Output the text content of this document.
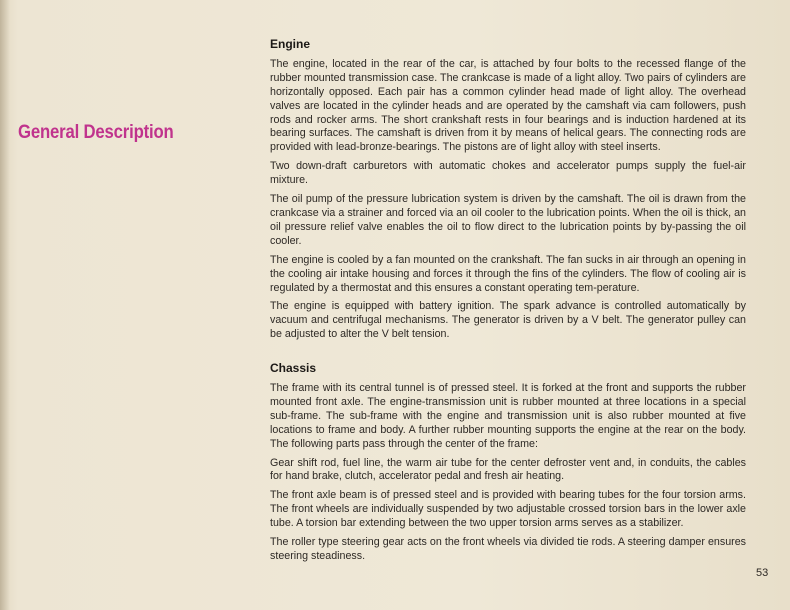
General Description
Engine

The engine, located in the rear of the car, is attached by four bolts to the recessed flange of the rubber mounted transmission case. The crankcase is made of a light alloy. Two pairs of cylinders are horizontally opposed. Each pair has a common cylinder head made of light alloy. The overhead valves are located in the cylinder heads and are operated by the camshaft via cam followers, push rods and rocker arms. The short crankshaft rests in four bearings and is induction hardened at its bearing surfaces. The camshaft is driven from it by means of helical gears. The connecting rods are provided with lead-bronze-bearings. The pistons are of light alloy with steel inserts.

Two down-draft carburetors with automatic chokes and accelerator pumps supply the fuel-air mixture.

The oil pump of the pressure lubrication system is driven by the camshaft. The oil is drawn from the crankcase via a strainer and forced via an oil cooler to the lubrication points. When the oil is thick, an oil pressure relief valve enables the oil to flow direct to the lubrication points by by-passing the oil cooler.

The engine is cooled by a fan mounted on the crankshaft. The fan sucks in air through an opening in the cooling air intake housing and forces it through the fins of the cylinders. The flow of cooling air is regulated by a thermostat and this ensures a constant operating tem-perature.

The engine is equipped with battery ignition. The spark advance is controlled automatically by vacuum and centrifugal mechanisms. The generator is driven by a V belt. The generator pulley can be adjusted to alter the V belt tension.

Chassis

The frame with its central tunnel is of pressed steel. It is forked at the front and supports the rubber mounted front axle. The engine-transmission unit is rubber mounted at three locations in a special sub-frame. The sub-frame with the engine and transmission unit is also rubber mounted at five locations to frame and body. A further rubber mounting supports the engine at the rear on the body. The following parts pass through the center of the frame:

Gear shift rod, fuel line, the warm air tube for the center defroster vent and, in conduits, the cables for hand brake, clutch, accelerator pedal and fresh air heating.

The front axle beam is of pressed steel and is provided with bearing tubes for the four torsion arms. The front wheels are individually suspended by two adjustable crossed torsion bars in the lower axle tube. A torsion bar extending between the two upper torsion arms serves as a stabilizer.

The roller type steering gear acts on the front wheels via divided tie rods. A steering damper ensures steering steadiness.

53
